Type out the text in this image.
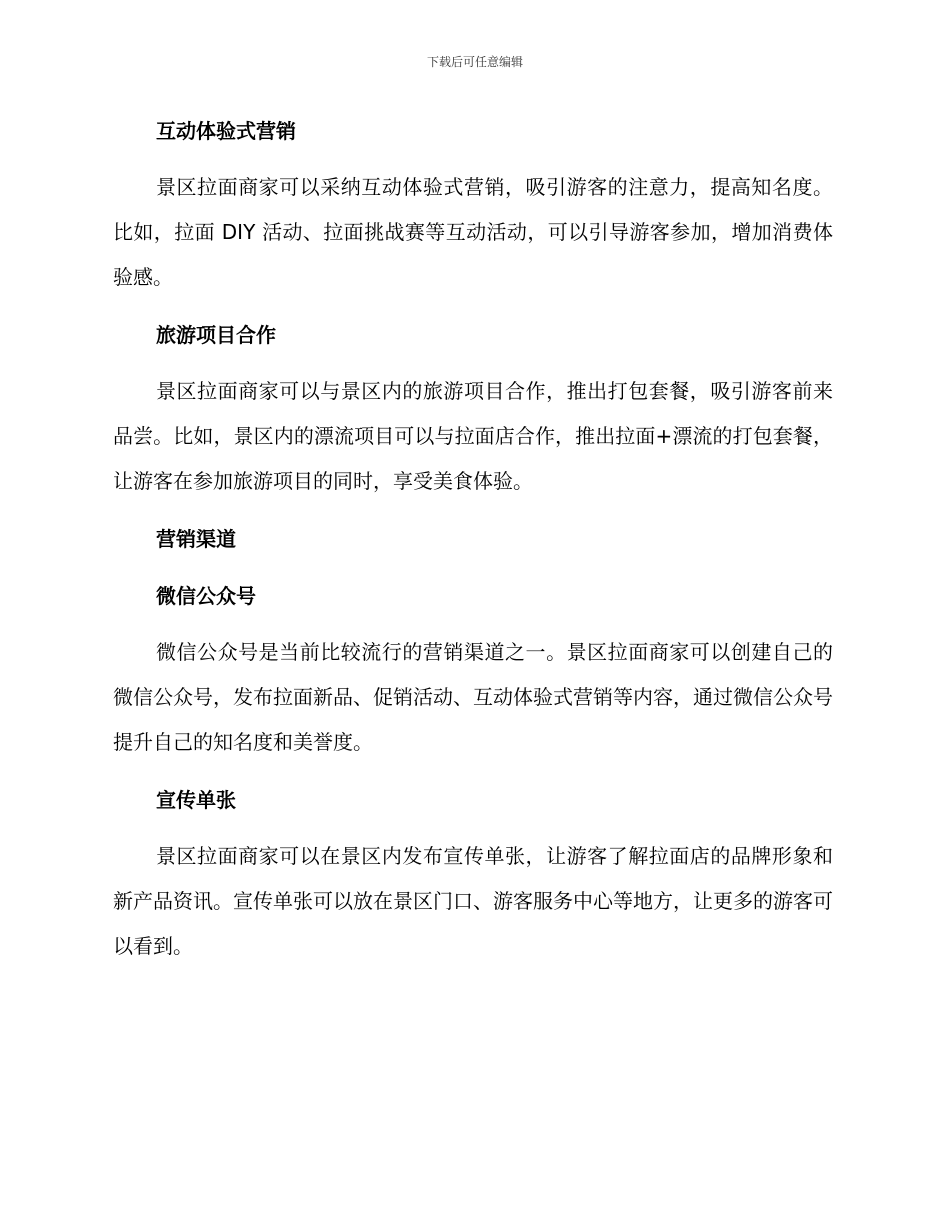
下载后可任意编辑
互动体验式营销

景区拉面商家可以采纳互动体验式营销，吸引游客的注意力，提高知名度。比如，拉面 DIY 活动、拉面挑战赛等互动活动，可以引导游客参加，增加消费体验感。

旅游项目合作

景区拉面商家可以与景区内的旅游项目合作，推出打包套餐，吸引游客前来品尝。比如，景区内的漂流项目可以与拉面店合作，推出拉面+漂流的打包套餐，让游客在参加旅游项目的同时，享受美食体验。

营销渠道
微信公众号

微信公众号是当前比较流行的营销渠道之一。景区拉面商家可以创建自己的微信公众号，发布拉面新品、促销活动、互动体验式营销等内容，通过微信公众号提升自己的知名度和美誉度。

宣传单张

景区拉面商家可以在景区内发布宣传单张，让游客了解拉面店的品牌形象和新产品资讯。宣传单张可以放在景区门口、游客服务中心等地方，让更多的游客可以看到。
